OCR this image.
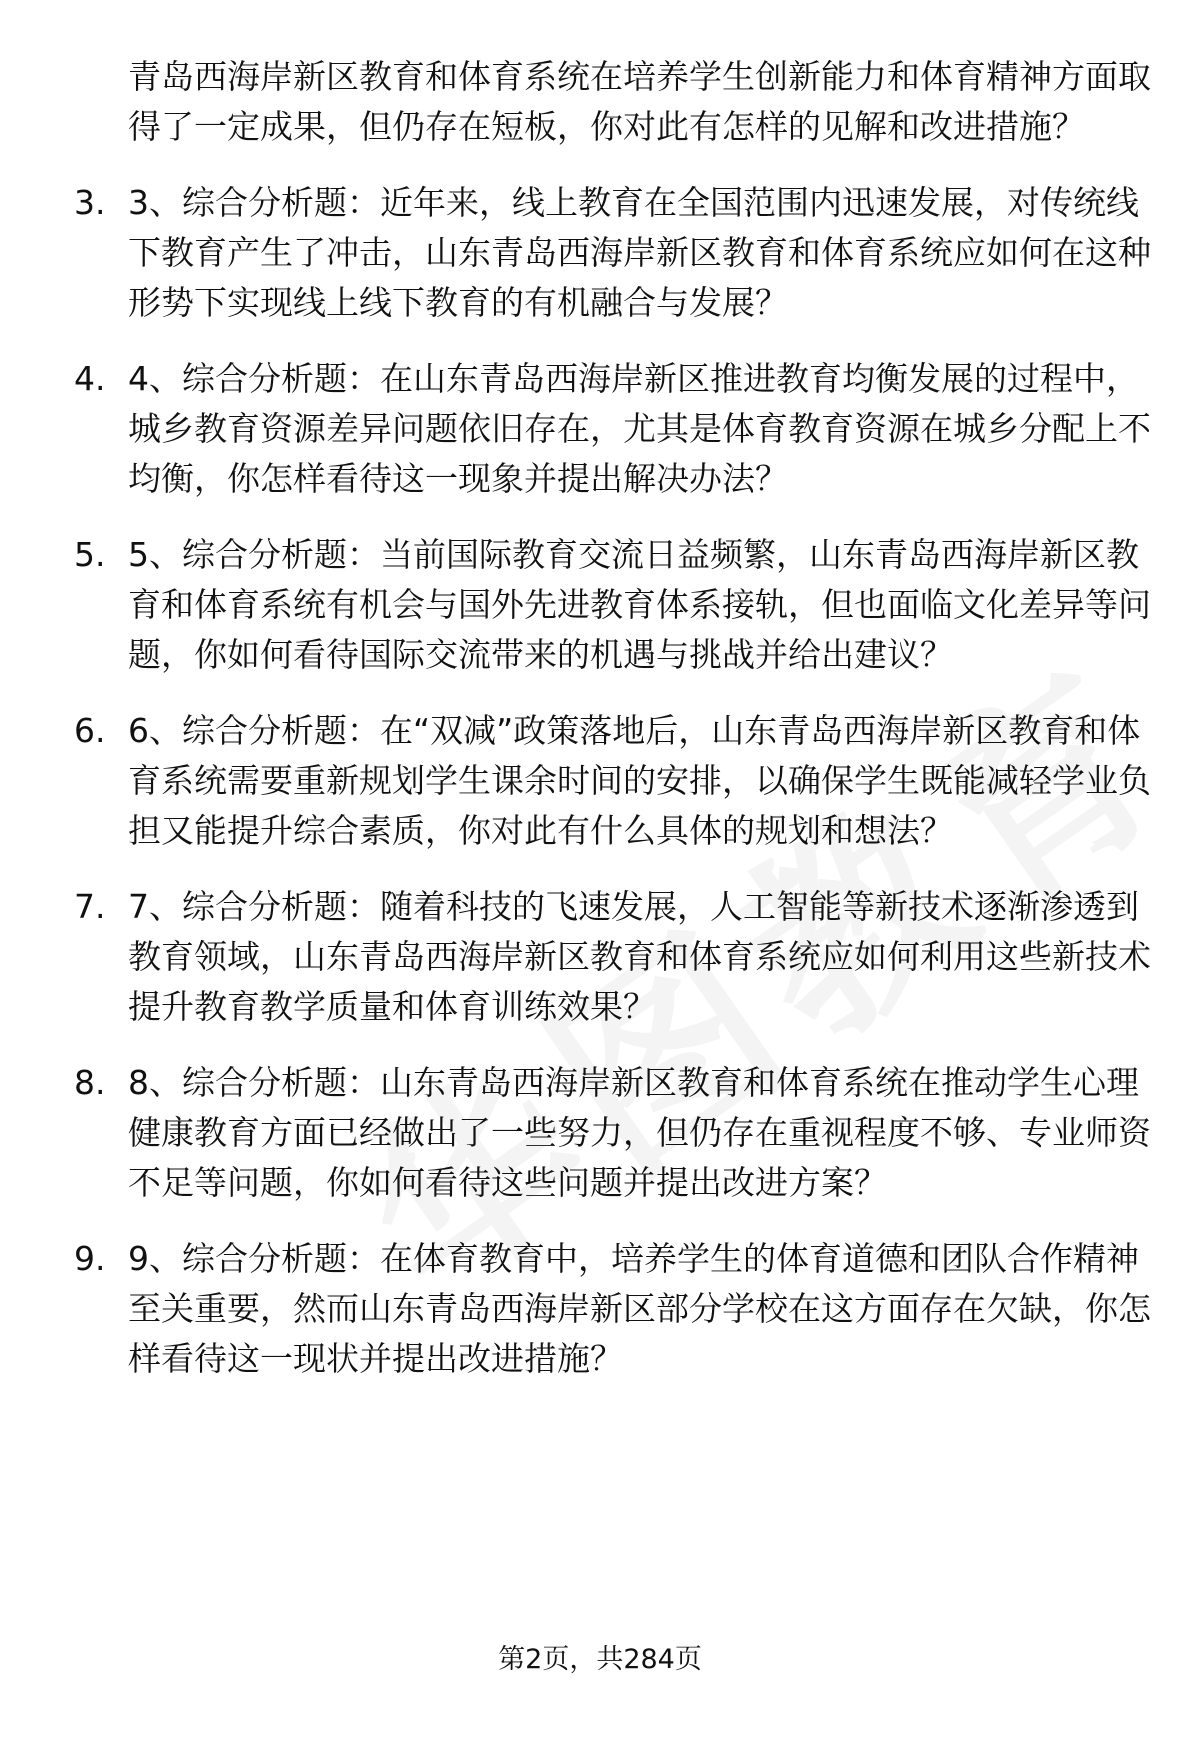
青岛西海岸新区教育和体育系统在培养学生创新能力和体育精神方面取得了一定成果，但仍存在短板，你对此有怎样的见解和改进措施？

3. 3、综合分析题：近年来，线上教育在全国范围内迅速发展，对传统线下教育产生了冲击，山东青岛西海岸新区教育和体育系统应如何在这种形势下实现线上线下教育的有机融合与发展？
4. 4、综合分析题：在山东青岛西海岸新区推进教育均衡发展的过程中，城乡教育资源差异问题依旧存在，尤其是体育教育资源在城乡分配上不均衡，你怎样看待这一现象并提出解决办法？
5. 5、综合分析题：当前国际教育交流日益频繁，山东青岛西海岸新区教育和体育系统有机会与国外先进教育体系接轨，但也面临文化差异等问题，你如何看待国际交流带来的机遇与挑战并给出建议？
6. 6、综合分析题：在“双减”政策落地后，山东青岛西海岸新区教育和体育系统需要重新规划学生课余时间的安排，以确保学生既能减轻学业负担又能提升综合素质，你对此有什么具体的规划和想法？
7. 7、综合分析题：随着科技的飞速发展，人工智能等新技术逐渐渗透到教育领域，山东青岛西海岸新区教育和体育系统应如何利用这些新技术提升教育教学质量和体育训练效果？
8. 8、综合分析题：山东青岛西海岸新区教育和体育系统在推动学生心理健康教育方面已经做出了一些努力，但仍存在重视程度不够、专业师资不足等问题，你如何看待这些问题并提出改进方案？
9. 9、综合分析题：在体育教育中，培养学生的体育道德和团队合作精神至关重要，然而山东青岛西海岸新区部分学校在这方面存在欠缺，你怎样看待这一现状并提出改进措施？
第2页，共284页
